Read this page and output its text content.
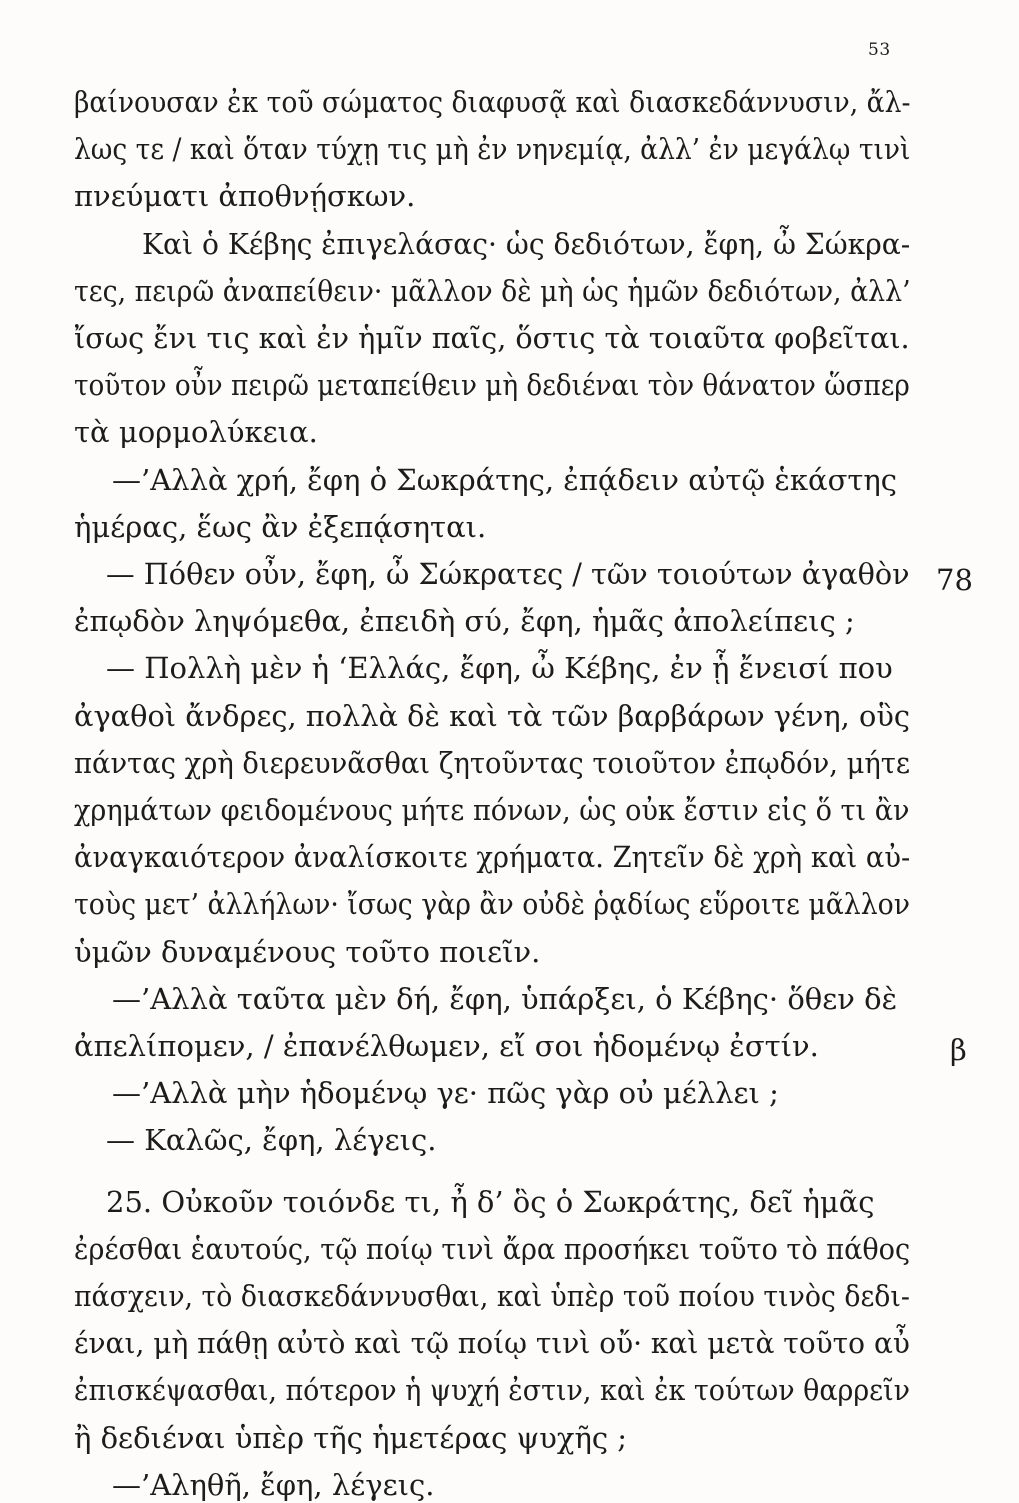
53
βαίνουσαν ἐκ τοῦ σώματος διαφυσᾷ καὶ διασκεδάννυσιν, ἄλ-
λως τε / καὶ ὅταν τύχῃ τις μὴ ἐν νηνεμίᾳ, ἀλλ’ ἐν μεγάλῳ τινὶ
πνεύματι ἀποθνῄσκων.
Καὶ ὁ Κέβης ἐπιγελάσας· ὡς δεδιότων, ἔφη, ὦ Σώκρα-
τες, πειρῶ ἀναπείθειν· μᾶλλον δὲ μὴ ὡς ἡμῶν δεδιότων, ἀλλ’
ἴσως ἔνι τις καὶ ἐν ἡμῖν παῖς, ὅστις τὰ τοιαῦτα φοβεῖται.
τοῦτον οὖν πειρῶ μεταπείθειν μὴ δεδιέναι τὸν θάνατον ὥσπερ
τὰ μορμολύκεια.
—’Αλλὰ χρή, ἔφη ὁ Σωκράτης, ἐπᾴδειν αὐτῷ ἑκάστης
ἡμέρας, ἕως ἂν ἐξεπᾴσηται.
— Πόθεν οὖν, ἔφη, ὦ Σώκρατες / τῶν τοιούτων ἀγαθὸν
ἐπῳδὸν ληψόμεθα, ἐπειδὴ σύ, ἔφη, ἡμᾶς ἀπολείπεις ;
— Πολλὴ μὲν ἡ ‘Ελλάς, ἔφη, ὦ Κέβης, ἐν ᾗ ἔνεισί που
ἀγαθοὶ ἄνδρες, πολλὰ δὲ καὶ τὰ τῶν βαρβάρων γένη, οὓς
πάντας χρὴ διερευνᾶσθαι ζητοῦντας τοιοῦτον ἐπῳδόν, μήτε
χρημάτων φειδομένους μήτε πόνων, ὡς οὐκ ἔστιν εἰς ὅ τι ἂν
ἀναγκαιότερον ἀναλίσκοιτε χρήματα. Ζητεῖν δὲ χρὴ καὶ αὐ-
τοὺς μετ’ ἀλλήλων· ἴσως γὰρ ἂν οὐδὲ ῥᾳδίως εὕροιτε μᾶλλον
ὑμῶν δυναμένους τοῦτο ποιεῖν.
—’Αλλὰ ταῦτα μὲν δή, ἔφη, ὑπάρξει, ὁ Κέβης· ὅθεν δὲ
ἀπελίπομεν, / ἐπανέλθωμεν, εἴ σοι ἡδομένῳ ἐστίν.
—’Αλλὰ μὴν ἡδομένῳ γε· πῶς γὰρ οὐ μέλλει ;
— Καλῶς, ἔφη, λέγεις.
25. Οὐκοῦν τοιόνδε τι, ἦ δ’ ὃς ὁ Σωκράτης, δεῖ ἡμᾶς
ἐρέσθαι ἑαυτούς, τῷ ποίῳ τινὶ ἄρα προσήκει τοῦτο τὸ πάθος
πάσχειν, τὸ διασκεδάννυσθαι, καὶ ὑπὲρ τοῦ ποίου τινὸς δεδι-
έναι, μὴ πάθῃ αὐτὸ καὶ τῷ ποίῳ τινὶ οὔ· καὶ μετὰ τοῦτο αὖ
ἐπισκέψασθαι, πότερον ἡ ψυχή ἐστιν, καὶ ἐκ τούτων θαρρεῖν
ἢ δεδιέναι ὑπὲρ τῆς ἡμετέρας ψυχῆς ;
—’Αληθῆ, ἔφη, λέγεις.
78
β
